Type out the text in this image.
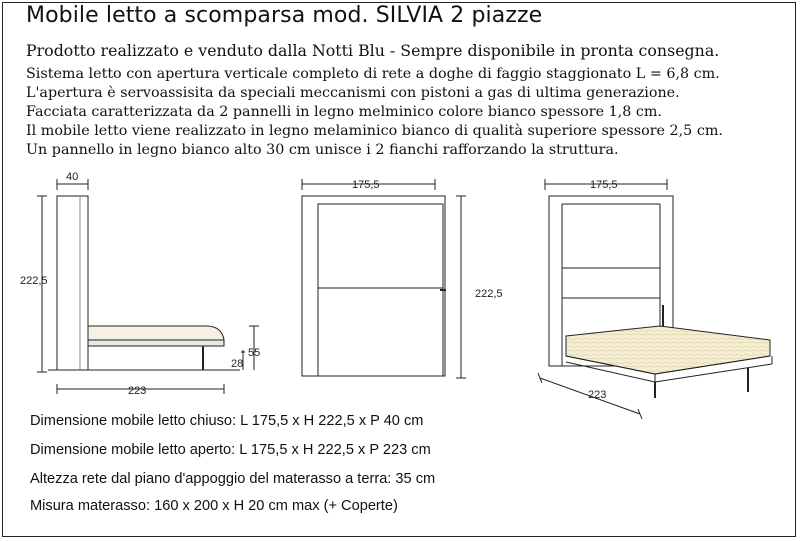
Mobile letto a scomparsa mod. SILVIA 2 piazze
Prodotto realizzato e venduto dalla Notti Blu - Sempre disponibile in pronta consegna.
Sistema letto con apertura verticale completo di rete a doghe di faggio staggionato L = 6,8 cm.
L'apertura è servoassisita da speciali meccanismi con pistoni a gas di ultima generazione.
Facciata caratterizzata da 2 pannelli in legno melminico colore bianco spessore 1,8 cm.
Il mobile letto viene realizzato in legno melaminico bianco di qualità superiore spessore 2,5 cm.
Un pannello in legno bianco alto 30 cm unisce i 2 fianchi rafforzando la struttura.
40
222,5
55
28
223
175,5
222,5
175,5
223
Dimensione mobile letto chiuso: L 175,5 x H 222,5 x P 40 cm
Dimensione mobile letto aperto: L 175,5 x H 222,5 x P 223 cm
Altezza rete dal piano d'appoggio del materasso a terra: 35 cm
Misura materasso: 160 x 200 x H 20 cm max (+ Coperte)
